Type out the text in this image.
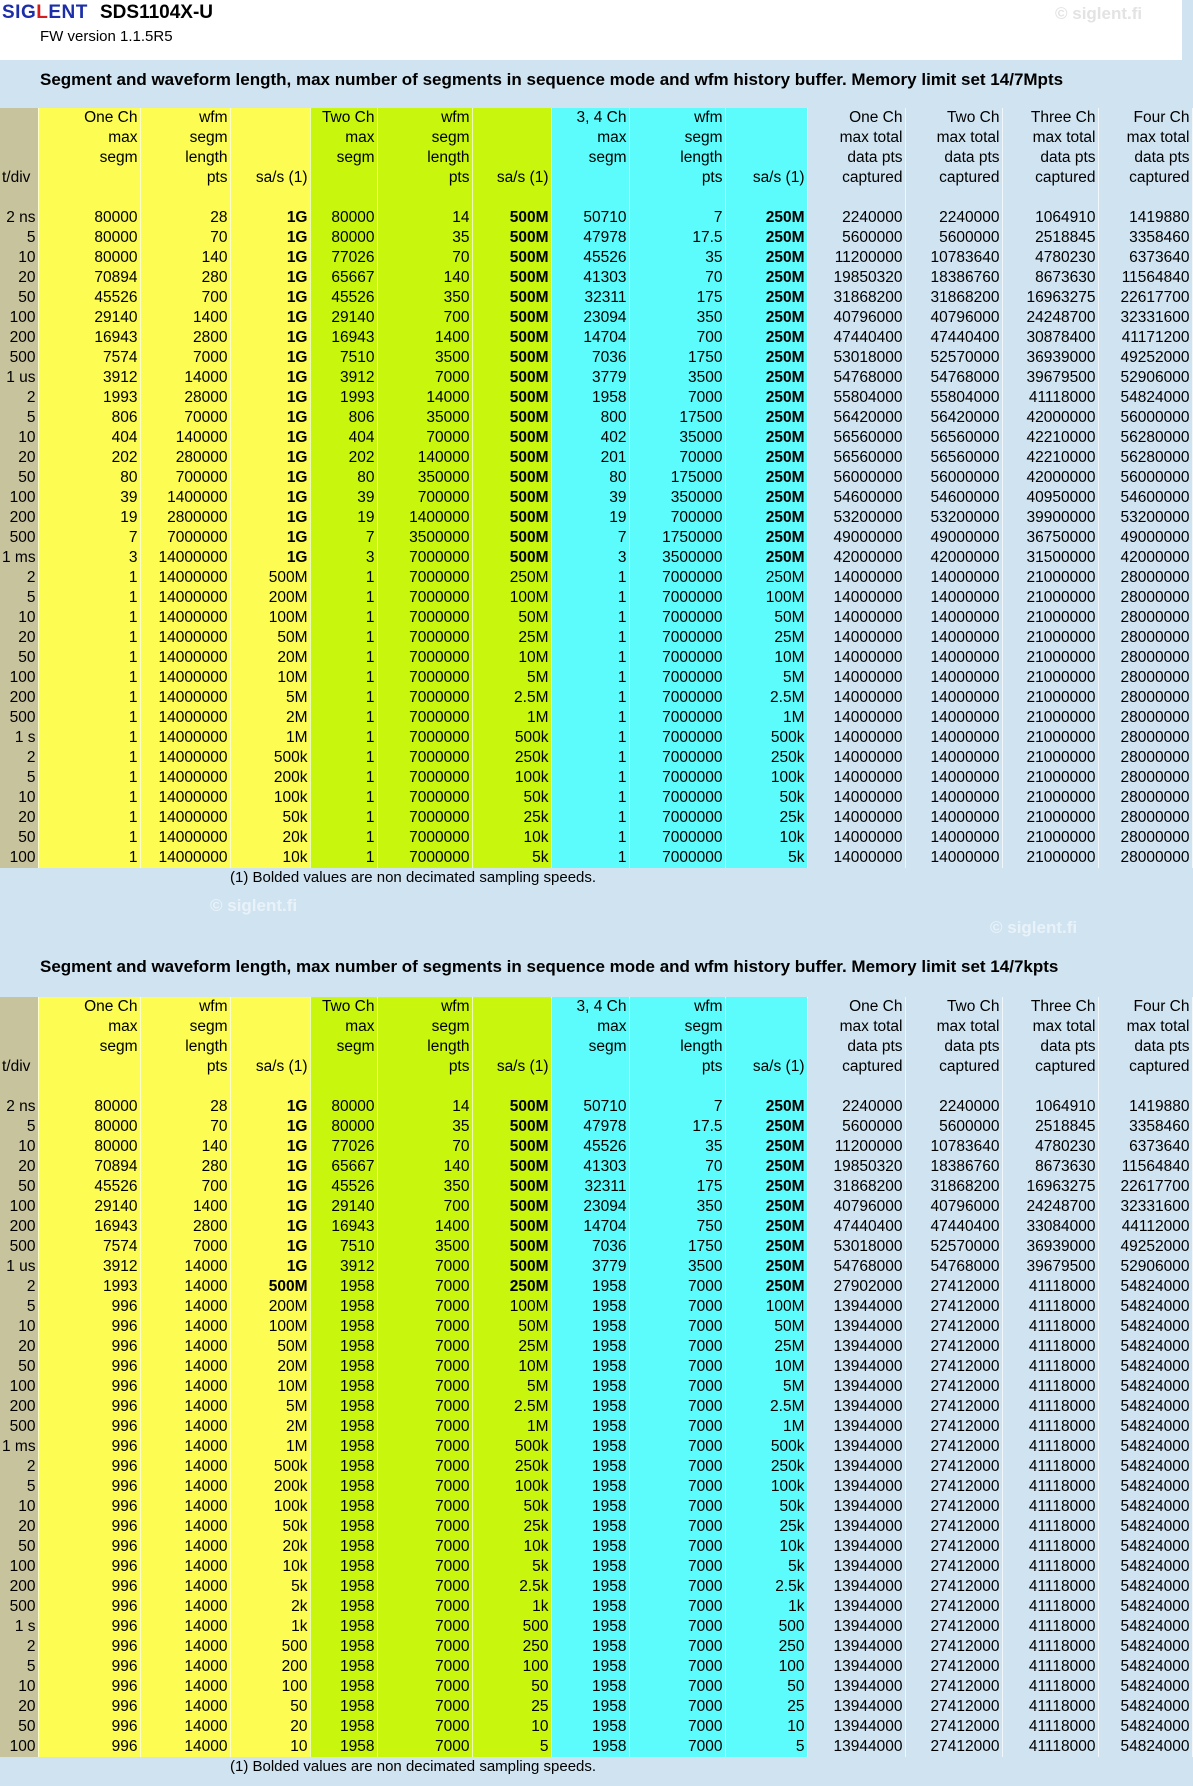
SIGLENT SDS1104X-U
FW version 1.1.5R5
© siglent.fi
© siglent.fi
© siglent.fi
Segment and waveform length, max number of segments in sequence mode and wfm history buffer. Memory limit set 14/7Mpts
	One Ch	wfm		Two Ch	wfm		3, 4 Ch	wfm		One Ch	Two Ch	Three Ch	Four Ch
	max	segm		max	segm		max	segm		max total	max total	max total	max total
	segm	length		segm	length		segm	length		data pts	data pts	data pts	data pts
t/div		pts	sa/s (1)		pts	sa/s (1)		pts	sa/s (1)	captured	captured	captured	captured

2 ns	80000	28	1G	80000	14	500M	50710	7	250M	2240000	2240000	1064910	1419880
5	80000	70	1G	80000	35	500M	47978	17.5	250M	5600000	5600000	2518845	3358460
10	80000	140	1G	77026	70	500M	45526	35	250M	11200000	10783640	4780230	6373640
20	70894	280	1G	65667	140	500M	41303	70	250M	19850320	18386760	8673630	11564840
50	45526	700	1G	45526	350	500M	32311	175	250M	31868200	31868200	16963275	22617700
100	29140	1400	1G	29140	700	500M	23094	350	250M	40796000	40796000	24248700	32331600
200	16943	2800	1G	16943	1400	500M	14704	700	250M	47440400	47440400	30878400	41171200
500	7574	7000	1G	7510	3500	500M	7036	1750	250M	53018000	52570000	36939000	49252000
1 us	3912	14000	1G	3912	7000	500M	3779	3500	250M	54768000	54768000	39679500	52906000
2	1993	28000	1G	1993	14000	500M	1958	7000	250M	55804000	55804000	41118000	54824000
5	806	70000	1G	806	35000	500M	800	17500	250M	56420000	56420000	42000000	56000000
10	404	140000	1G	404	70000	500M	402	35000	250M	56560000	56560000	42210000	56280000
20	202	280000	1G	202	140000	500M	201	70000	250M	56560000	56560000	42210000	56280000
50	80	700000	1G	80	350000	500M	80	175000	250M	56000000	56000000	42000000	56000000
100	39	1400000	1G	39	700000	500M	39	350000	250M	54600000	54600000	40950000	54600000
200	19	2800000	1G	19	1400000	500M	19	700000	250M	53200000	53200000	39900000	53200000
500	7	7000000	1G	7	3500000	500M	7	1750000	250M	49000000	49000000	36750000	49000000
1 ms	3	14000000	1G	3	7000000	500M	3	3500000	250M	42000000	42000000	31500000	42000000
2	1	14000000	500M	1	7000000	250M	1	7000000	250M	14000000	14000000	21000000	28000000
5	1	14000000	200M	1	7000000	100M	1	7000000	100M	14000000	14000000	21000000	28000000
10	1	14000000	100M	1	7000000	50M	1	7000000	50M	14000000	14000000	21000000	28000000
20	1	14000000	50M	1	7000000	25M	1	7000000	25M	14000000	14000000	21000000	28000000
50	1	14000000	20M	1	7000000	10M	1	7000000	10M	14000000	14000000	21000000	28000000
100	1	14000000	10M	1	7000000	5M	1	7000000	5M	14000000	14000000	21000000	28000000
200	1	14000000	5M	1	7000000	2.5M	1	7000000	2.5M	14000000	14000000	21000000	28000000
500	1	14000000	2M	1	7000000	1M	1	7000000	1M	14000000	14000000	21000000	28000000
1 s	1	14000000	1M	1	7000000	500k	1	7000000	500k	14000000	14000000	21000000	28000000
2	1	14000000	500k	1	7000000	250k	1	7000000	250k	14000000	14000000	21000000	28000000
5	1	14000000	200k	1	7000000	100k	1	7000000	100k	14000000	14000000	21000000	28000000
10	1	14000000	100k	1	7000000	50k	1	7000000	50k	14000000	14000000	21000000	28000000
20	1	14000000	50k	1	7000000	25k	1	7000000	25k	14000000	14000000	21000000	28000000
50	1	14000000	20k	1	7000000	10k	1	7000000	10k	14000000	14000000	21000000	28000000
100	1	14000000	10k	1	7000000	5k	1	7000000	5k	14000000	14000000	21000000	28000000
(1) Bolded values are non decimated sampling speeds.
Segment and waveform length, max number of segments in sequence mode and wfm history buffer. Memory limit set 14/7kpts
	One Ch	wfm		Two Ch	wfm		3, 4 Ch	wfm		One Ch	Two Ch	Three Ch	Four Ch
	max	segm		max	segm		max	segm		max total	max total	max total	max total
	segm	length		segm	length		segm	length		data pts	data pts	data pts	data pts
t/div		pts	sa/s (1)		pts	sa/s (1)		pts	sa/s (1)	captured	captured	captured	captured

2 ns	80000	28	1G	80000	14	500M	50710	7	250M	2240000	2240000	1064910	1419880
5	80000	70	1G	80000	35	500M	47978	17.5	250M	5600000	5600000	2518845	3358460
10	80000	140	1G	77026	70	500M	45526	35	250M	11200000	10783640	4780230	6373640
20	70894	280	1G	65667	140	500M	41303	70	250M	19850320	18386760	8673630	11564840
50	45526	700	1G	45526	350	500M	32311	175	250M	31868200	31868200	16963275	22617700
100	29140	1400	1G	29140	700	500M	23094	350	250M	40796000	40796000	24248700	32331600
200	16943	2800	1G	16943	1400	500M	14704	750	250M	47440400	47440400	33084000	44112000
500	7574	7000	1G	7510	3500	500M	7036	1750	250M	53018000	52570000	36939000	49252000
1 us	3912	14000	1G	3912	7000	500M	3779	3500	250M	54768000	54768000	39679500	52906000
2	1993	14000	500M	1958	7000	250M	1958	7000	250M	27902000	27412000	41118000	54824000
5	996	14000	200M	1958	7000	100M	1958	7000	100M	13944000	27412000	41118000	54824000
10	996	14000	100M	1958	7000	50M	1958	7000	50M	13944000	27412000	41118000	54824000
20	996	14000	50M	1958	7000	25M	1958	7000	25M	13944000	27412000	41118000	54824000
50	996	14000	20M	1958	7000	10M	1958	7000	10M	13944000	27412000	41118000	54824000
100	996	14000	10M	1958	7000	5M	1958	7000	5M	13944000	27412000	41118000	54824000
200	996	14000	5M	1958	7000	2.5M	1958	7000	2.5M	13944000	27412000	41118000	54824000
500	996	14000	2M	1958	7000	1M	1958	7000	1M	13944000	27412000	41118000	54824000
1 ms	996	14000	1M	1958	7000	500k	1958	7000	500k	13944000	27412000	41118000	54824000
2	996	14000	500k	1958	7000	250k	1958	7000	250k	13944000	27412000	41118000	54824000
5	996	14000	200k	1958	7000	100k	1958	7000	100k	13944000	27412000	41118000	54824000
10	996	14000	100k	1958	7000	50k	1958	7000	50k	13944000	27412000	41118000	54824000
20	996	14000	50k	1958	7000	25k	1958	7000	25k	13944000	27412000	41118000	54824000
50	996	14000	20k	1958	7000	10k	1958	7000	10k	13944000	27412000	41118000	54824000
100	996	14000	10k	1958	7000	5k	1958	7000	5k	13944000	27412000	41118000	54824000
200	996	14000	5k	1958	7000	2.5k	1958	7000	2.5k	13944000	27412000	41118000	54824000
500	996	14000	2k	1958	7000	1k	1958	7000	1k	13944000	27412000	41118000	54824000
1 s	996	14000	1k	1958	7000	500	1958	7000	500	13944000	27412000	41118000	54824000
2	996	14000	500	1958	7000	250	1958	7000	250	13944000	27412000	41118000	54824000
5	996	14000	200	1958	7000	100	1958	7000	100	13944000	27412000	41118000	54824000
10	996	14000	100	1958	7000	50	1958	7000	50	13944000	27412000	41118000	54824000
20	996	14000	50	1958	7000	25	1958	7000	25	13944000	27412000	41118000	54824000
50	996	14000	20	1958	7000	10	1958	7000	10	13944000	27412000	41118000	54824000
100	996	14000	10	1958	7000	5	1958	7000	5	13944000	27412000	41118000	54824000
(1) Bolded values are non decimated sampling speeds.
